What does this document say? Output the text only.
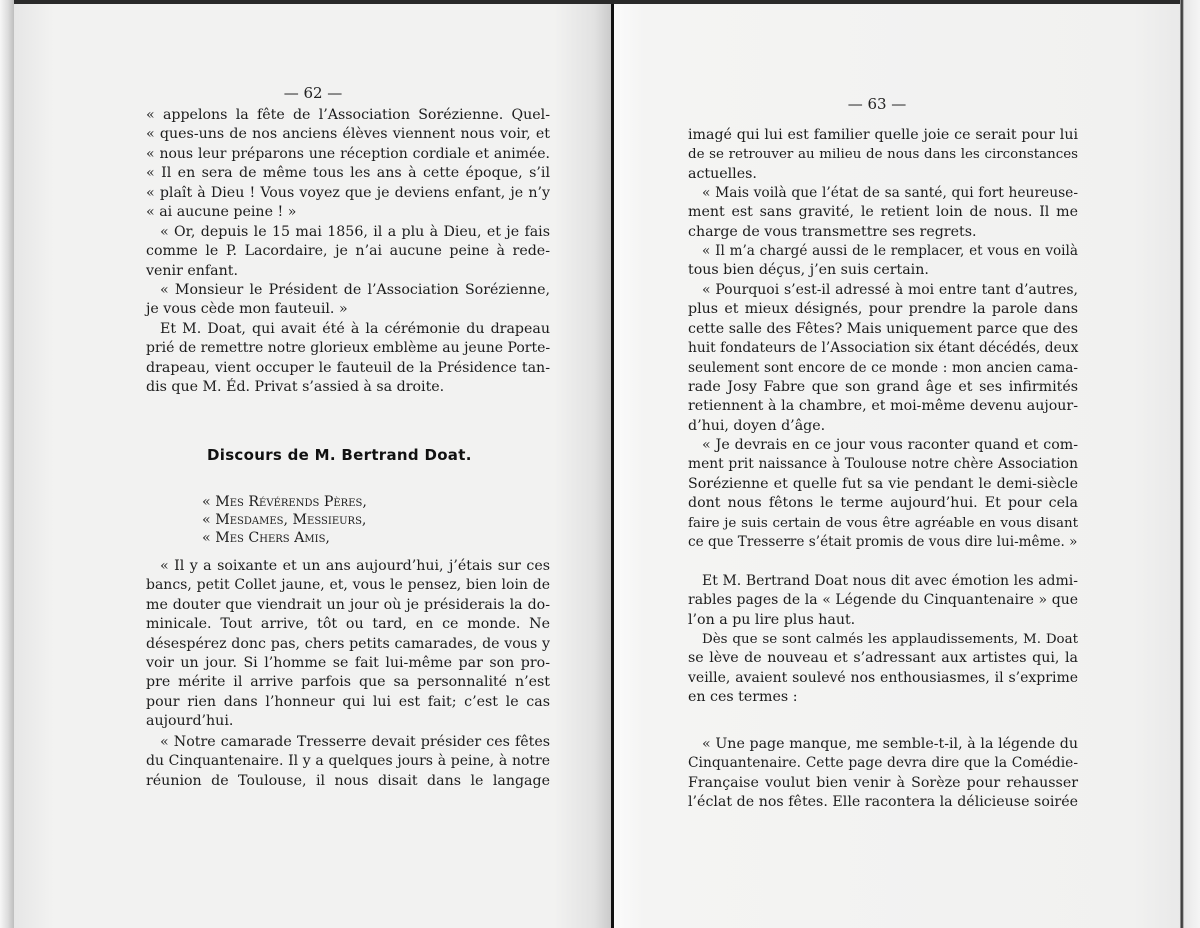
— 62 —
« appelons la fête de l’Association Sorézienne. Quel-
« ques-uns de nos anciens élèves viennent nous voir, et
« nous leur préparons une réception cordiale et animée.
« Il en sera de même tous les ans à cette époque, s’il
« plaît à Dieu ! Vous voyez que je deviens enfant, je n’y
« ai aucune peine ! »
« Or, depuis le 15 mai 1856, il a plu à Dieu, et je fais
comme le P. Lacordaire, je n’ai aucune peine à rede-
venir enfant.
« Monsieur le Président de l’Association Sorézienne,
je vous cède mon fauteuil. »
Et M. Doat, qui avait été à la cérémonie du drapeau
prié de remettre notre glorieux emblème au jeune Porte-
drapeau, vient occuper le fauteuil de la Présidence tan-
dis que M. Éd. Privat s’assied à sa droite.
Discours de M. Bertrand Doat.
« Mes Révérends Pères,
« Mesdames, Messieurs,
« Mes Chers Amis,
« Il y a soixante et un ans aujourd’hui, j’étais sur ces
bancs, petit Collet jaune, et, vous le pensez, bien loin de
me douter que viendrait un jour où je présiderais la do-
minicale. Tout arrive, tôt ou tard, en ce monde. Ne
désespérez donc pas, chers petits camarades, de vous y
voir un jour. Si l’homme se fait lui-même par son pro-
pre mérite il arrive parfois que sa personnalité n’est
pour rien dans l’honneur qui lui est fait; c’est le cas
aujourd’hui.
« Notre camarade Tresserre devait présider ces fêtes
du Cinquantenaire. Il y a quelques jours à peine, à notre
réunion de Toulouse, il nous disait dans le langage
— 63 —
imagé qui lui est familier quelle joie ce serait pour lui
de se retrouver au milieu de nous dans les circonstances
actuelles.
« Mais voilà que l’état de sa santé, qui fort heureuse-
ment est sans gravité, le retient loin de nous. Il me
charge de vous transmettre ses regrets.
« Il m’a chargé aussi de le remplacer, et vous en voilà
tous bien déçus, j’en suis certain.
« Pourquoi s’est-il adressé à moi entre tant d’autres,
plus et mieux désignés, pour prendre la parole dans
cette salle des Fêtes? Mais uniquement parce que des
huit fondateurs de l’Association six étant décédés, deux
seulement sont encore de ce monde : mon ancien cama-
rade Josy Fabre que son grand âge et ses infirmités
retiennent à la chambre, et moi-même devenu aujour-
d’hui, doyen d’âge.
« Je devrais en ce jour vous raconter quand et com-
ment prit naissance à Toulouse notre chère Association
Sorézienne et quelle fut sa vie pendant le demi-siècle
dont nous fêtons le terme aujourd’hui. Et pour cela
faire je suis certain de vous être agréable en vous disant
ce que Tresserre s’était promis de vous dire lui-même. »
Et M. Bertrand Doat nous dit avec émotion les admi-
rables pages de la « Légende du Cinquantenaire » que
l’on a pu lire plus haut.
Dès que se sont calmés les applaudissements, M. Doat
se lève de nouveau et s’adressant aux artistes qui, la
veille, avaient soulevé nos enthousiasmes, il s’exprime
en ces termes :
« Une page manque, me semble-t-il, à la légende du
Cinquantenaire. Cette page devra dire que la Comédie-
Française voulut bien venir à Sorèze pour rehausser
l’éclat de nos fêtes. Elle racontera la délicieuse soirée
